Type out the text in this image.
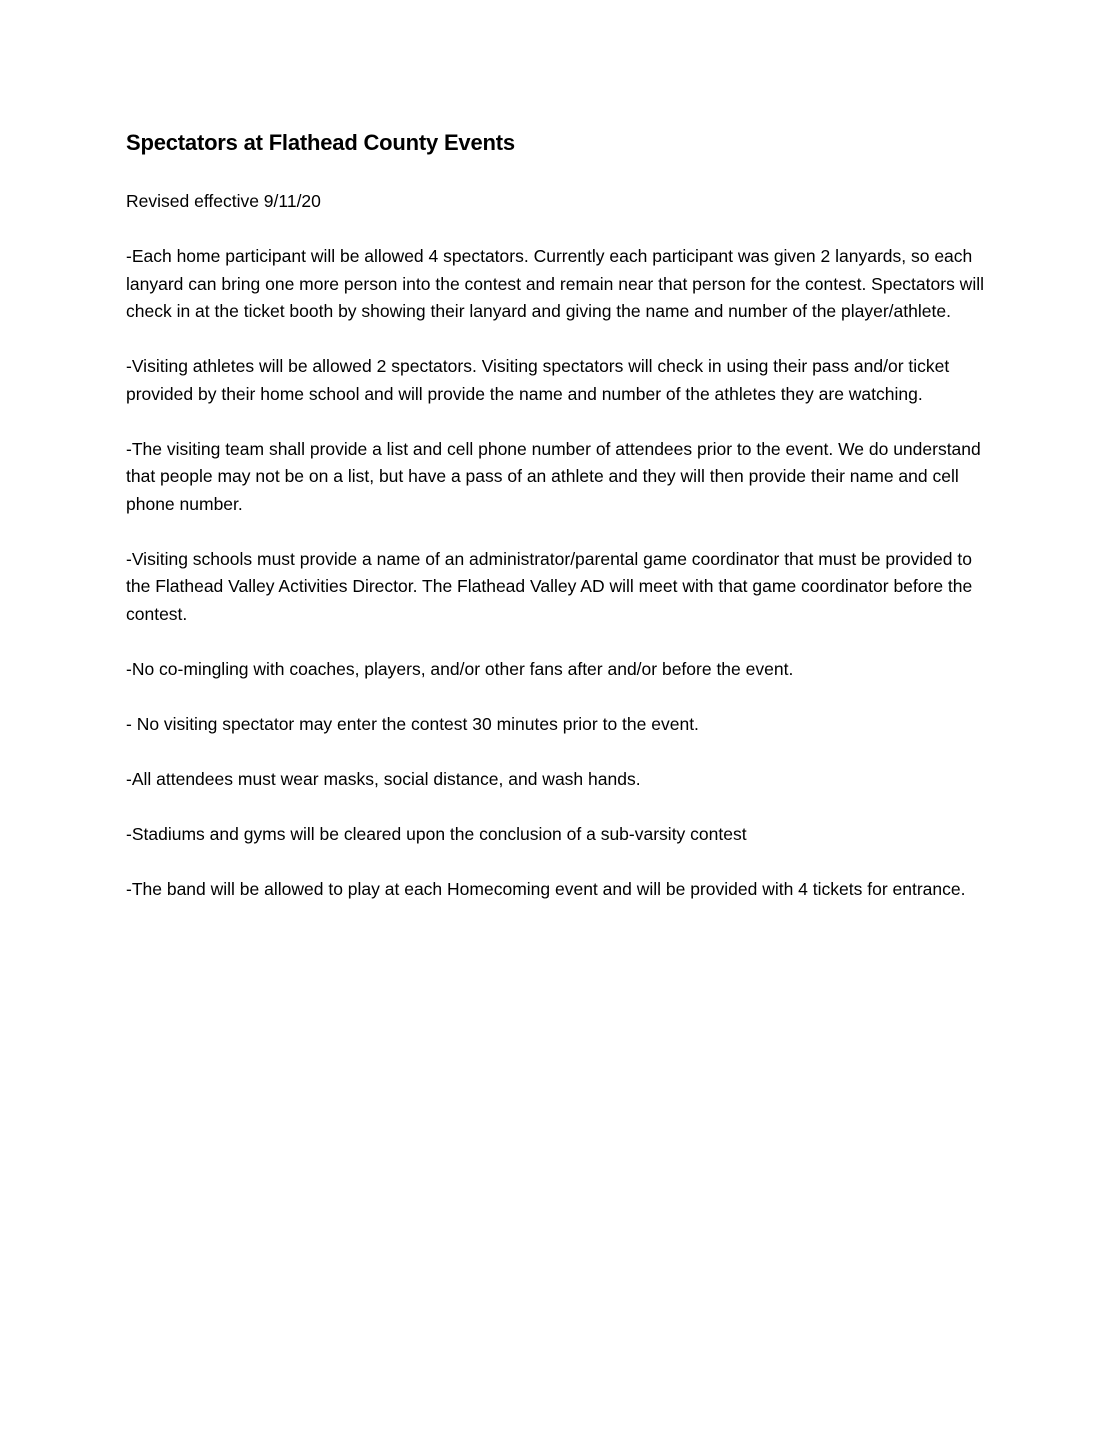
Spectators at Flathead County Events

Revised effective 9/11/20

-Each home participant will be allowed 4 spectators. Currently each participant was given 2 lanyards, so each lanyard can bring one more person into the contest and remain near that person for the contest. Spectators will check in at the ticket booth by showing their lanyard and giving the name and number of the player/athlete.

-Visiting athletes will be allowed 2 spectators. Visiting spectators will check in using their pass and/or ticket provided by their home school and will provide the name and number of the athletes they are watching.

-The visiting team shall provide a list and cell phone number of attendees prior to the event. We do understand that people may not be on a list, but have a pass of an athlete and they will then provide their name and cell phone number.

-Visiting schools must provide a name of an administrator/parental game coordinator that must be provided to the Flathead Valley Activities Director. The Flathead Valley AD will meet with that game coordinator before the contest.

-No co-mingling with coaches, players, and/or other fans after and/or before the event.

- No visiting spectator may enter the contest 30 minutes prior to the event.

-All attendees must wear masks, social distance, and wash hands.

-Stadiums and gyms will be cleared upon the conclusion of a sub-varsity contest

-The band will be allowed to play at each Homecoming event and will be provided with 4 tickets for entrance.
